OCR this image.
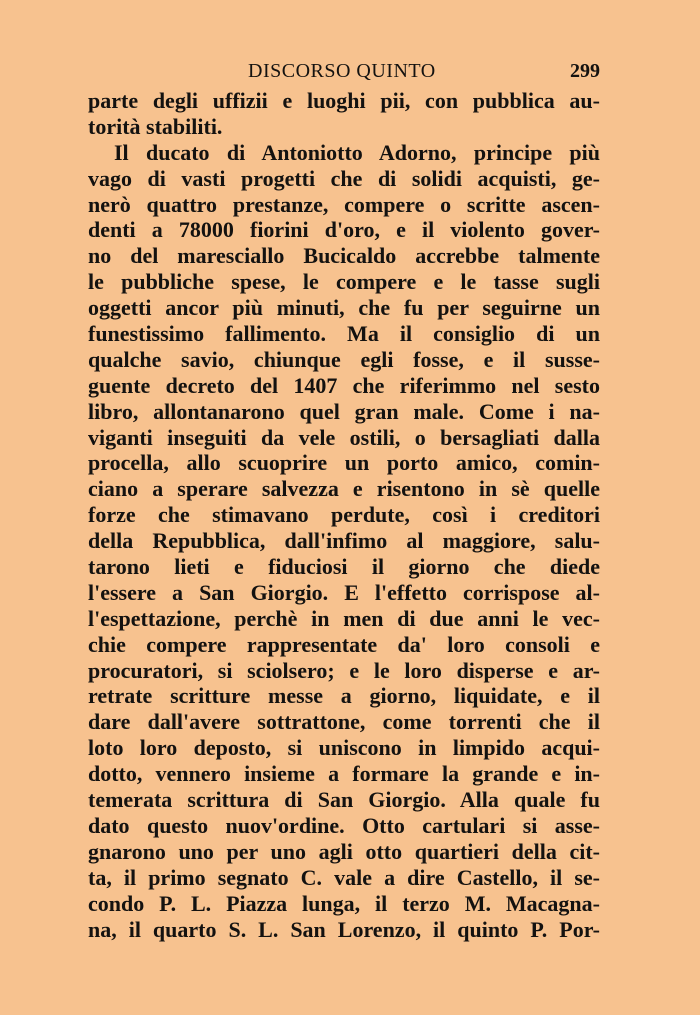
DISCORSO QUINTO	299
parte degli uffizii e luoghi pii, con pubblica au-
torità stabiliti.
Il ducato di Antoniotto Adorno, principe più
vago di vasti progetti che di solidi acquisti, ge-
nerò quattro prestanze, compere o scritte ascen-
denti a 78000 fiorini d'oro, e il violento gover-
no del maresciallo Bucicaldo accrebbe talmente
le pubbliche spese, le compere e le tasse sugli
oggetti ancor più minuti, che fu per seguirne un
funestissimo fallimento. Ma il consiglio di un
qualche savio, chiunque egli fosse, e il susse-
guente decreto del 1407 che riferimmo nel sesto
libro, allontanarono quel gran male. Come i na-
viganti inseguiti da vele ostili, o bersagliati dalla
procella, allo scuoprire un porto amico, comin-
ciano a sperare salvezza e risentono in sè quelle
forze che stimavano perdute, così i creditori
della Repubblica, dall'infimo al maggiore, salu-
tarono lieti e fiduciosi il giorno che diede
l'essere a San Giorgio. E l'effetto corrispose al-
l'espettazione, perchè in men di due anni le vec-
chie compere rappresentate da' loro consoli e
procuratori, si sciolsero; e le loro disperse e ar-
retrate scritture messe a giorno, liquidate, e il
dare dall'avere sottrattone, come torrenti che il
loto loro deposto, si uniscono in limpido acqui-
dotto, vennero insieme a formare la grande e in-
temerata scrittura di San Giorgio. Alla quale fu
dato questo nuov'ordine. Otto cartulari si asse-
gnarono uno per uno agli otto quartieri della cit-
ta, il primo segnato C. vale a dire Castello, il se-
condo P. L. Piazza lunga, il terzo M. Macagna-
na, il quarto S. L. San Lorenzo, il quinto P. Por-
